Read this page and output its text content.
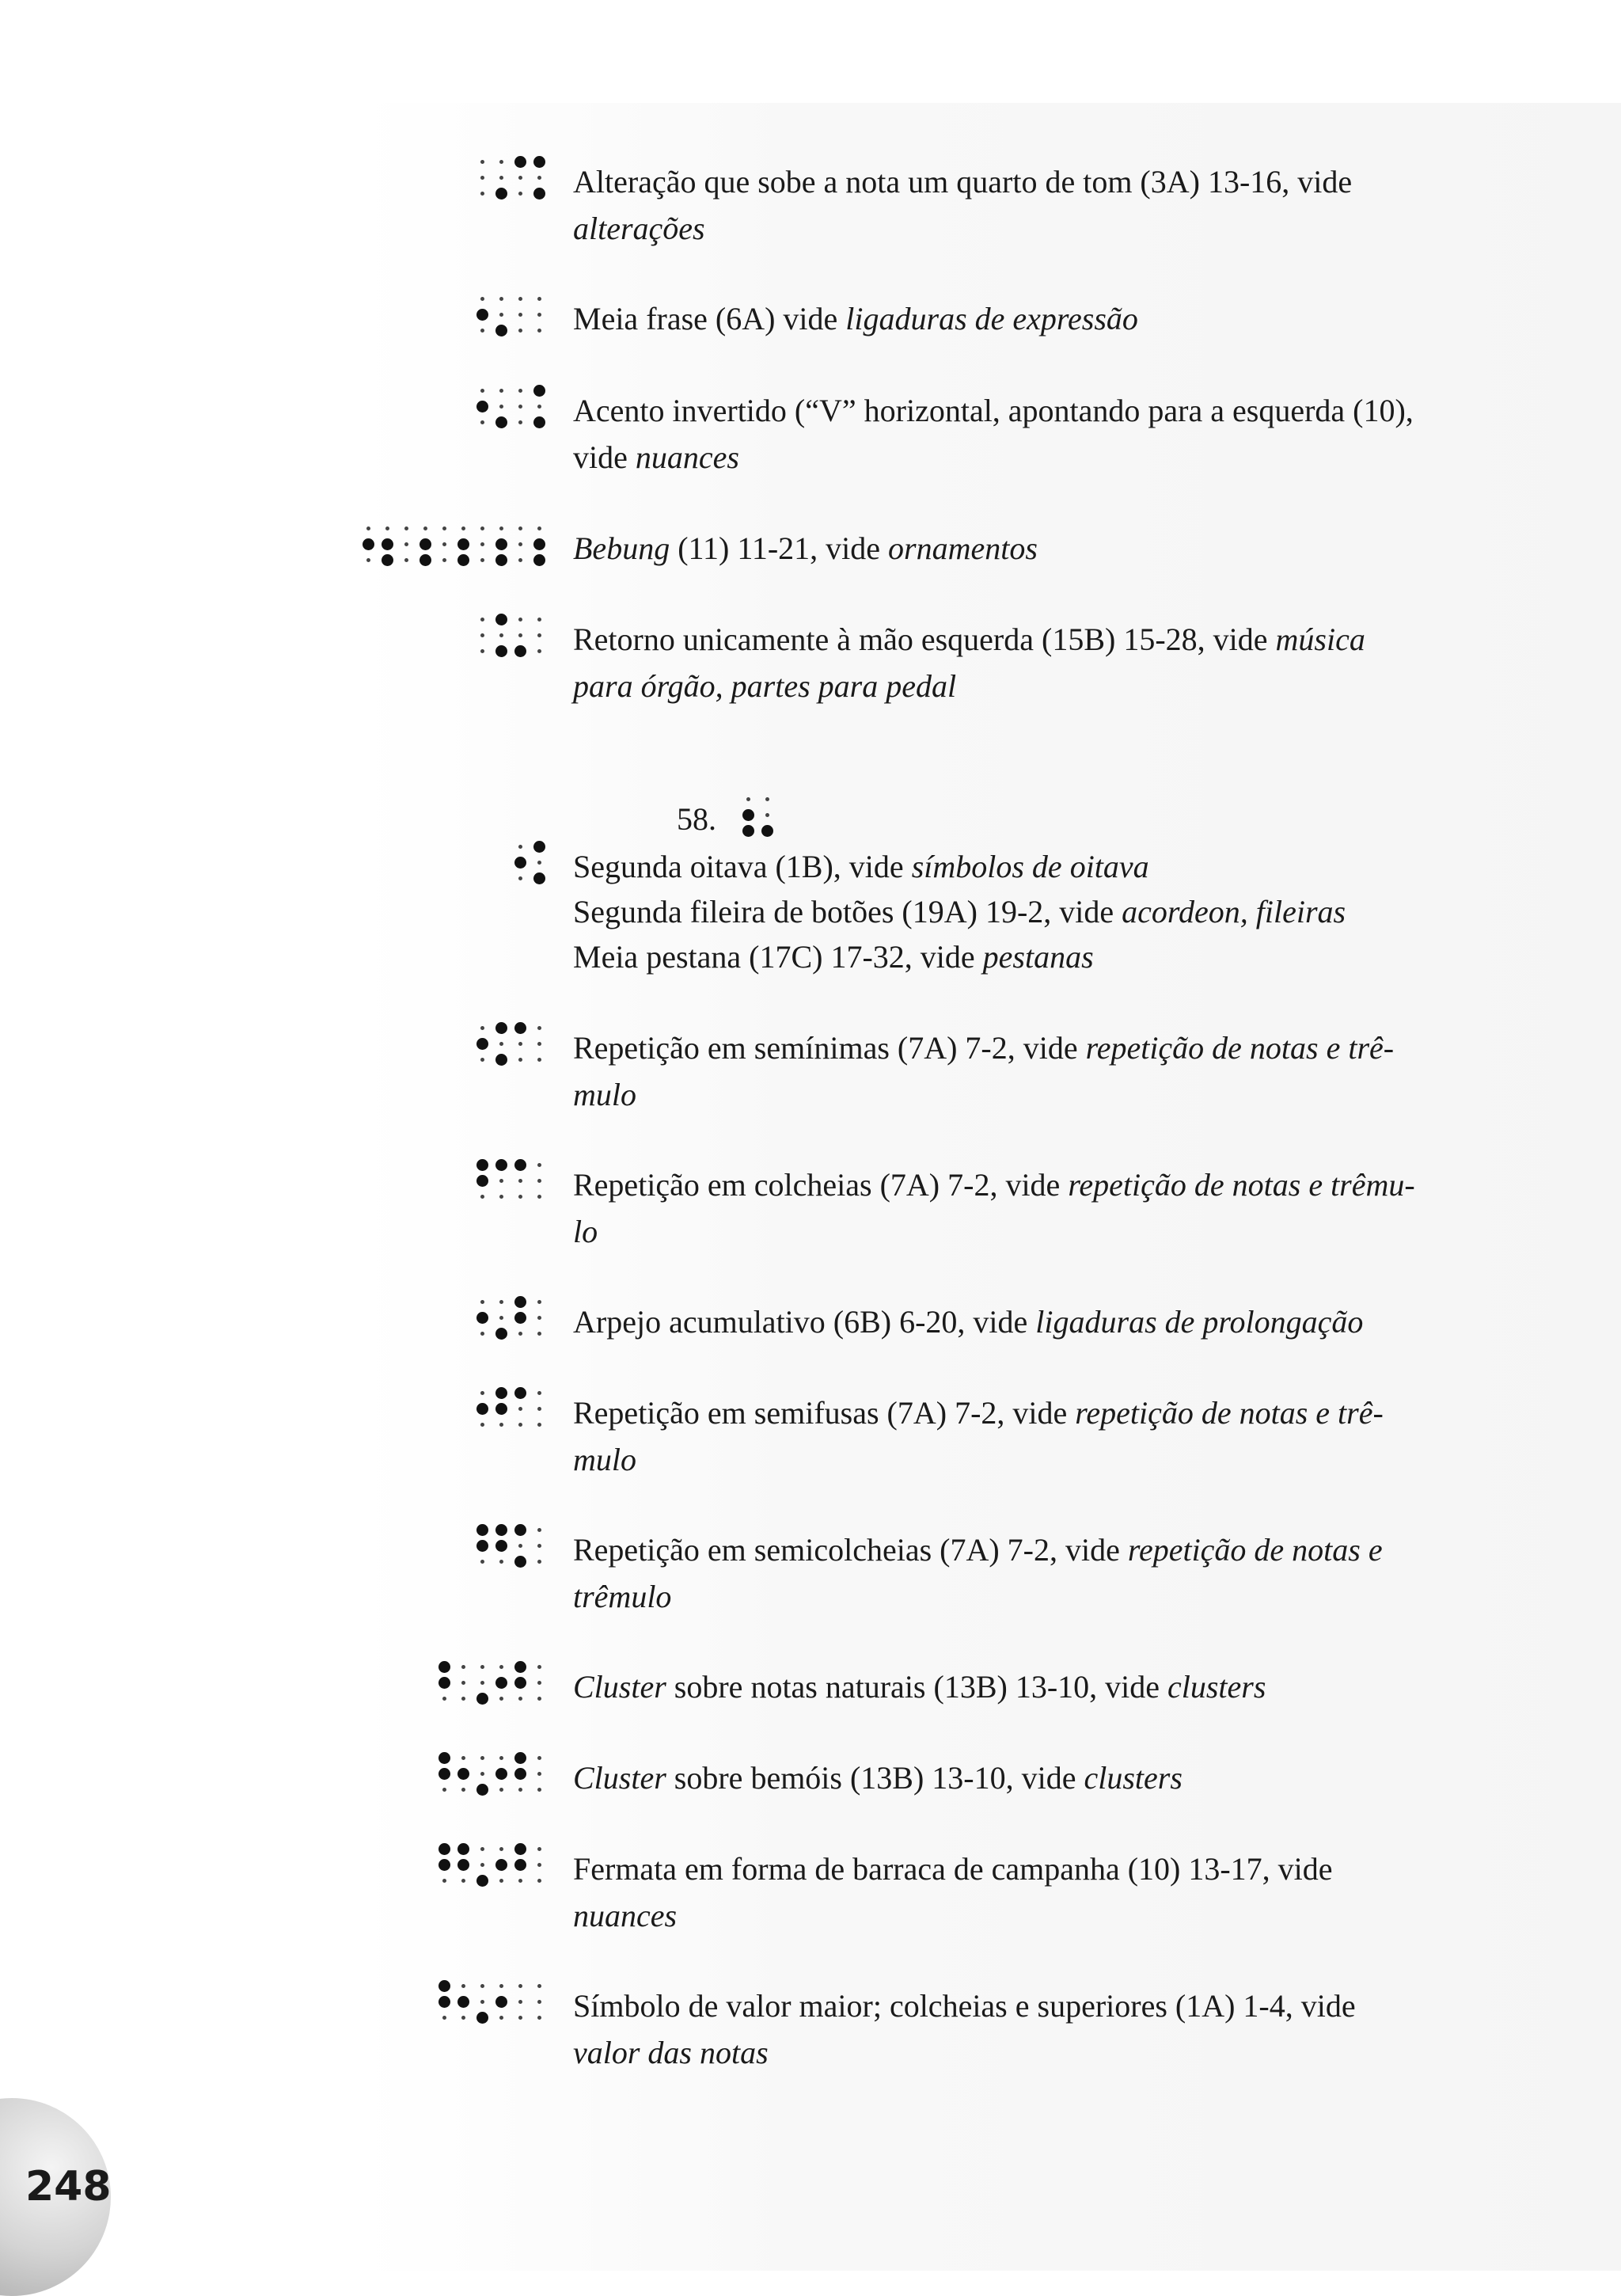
Alteração que sobe a nota um quarto de tom (3A) 13-16, vide alterações
Meia frase (6A) vide ligaduras de expressão
Acento invertido (“V” horizontal, apontando para a esquerda (10), vide nuances
Bebung (11) 11-21, vide ornamentos
Retorno unicamente à mão esquerda (15B) 15-28, vide música para órgão, partes para pedal
Segunda oitava (1B), vide símbolos de oitava
Segunda fileira de botões (19A) 19-2, vide acordeon, fileiras
Meia pestana (17C) 17-32, vide pestanas
Repetição em semínimas (7A) 7-2, vide repetição de notas e trê-mulo
Repetição em colcheias (7A) 7-2, vide repetição de notas e trêmu-lo
Arpejo acumulativo (6B) 6-20, vide ligaduras de prolongação
Repetição em semifusas (7A) 7-2, vide repetição de notas e trê-mulo
Repetição em semicolcheias (7A) 7-2, vide repetição de notas e trêmulo
Cluster sobre notas naturais (13B) 13-10, vide clusters
Cluster sobre bemóis (13B) 13-10, vide clusters
Fermata em forma de barraca de campanha (10) 13-17, vide nuances
Símbolo de valor maior; colcheias e superiores (1A) 1-4, vide valor das notas
58.
248
